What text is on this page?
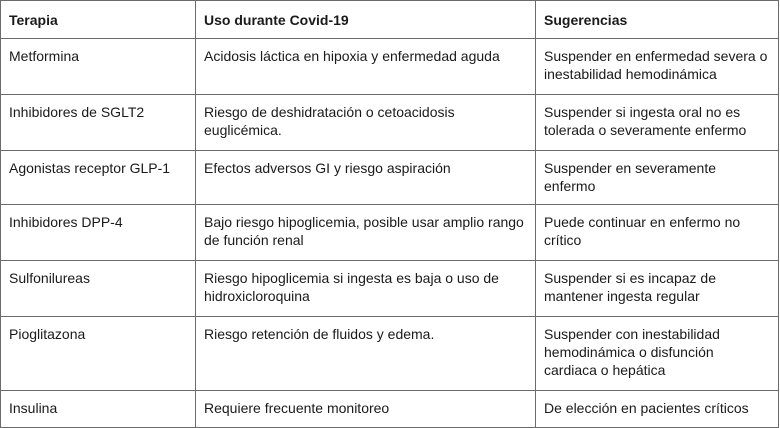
Terapia	Uso durante Covid-19	Sugerencias
Metformina	Acidosis láctica en hipoxia y enfermedad aguda	Suspender en enfermedad severa o inestabilidad hemodinámica
Inhibidores de SGLT2	Riesgo de deshidratación o cetoacidosis euglicémica.	Suspender si ingesta oral no es tolerada o severamente enfermo
Agonistas receptor GLP-1	Efectos adversos GI y riesgo aspiración	Suspender en severamente enfermo
Inhibidores DPP-4	Bajo riesgo hipoglicemia, posible usar amplio rango de función renal	Puede continuar en enfermo no crítico
Sulfonilureas	Riesgo hipoglicemia si ingesta es baja o uso de hidroxicloroquina	Suspender si es incapaz de mantener ingesta regular
Pioglitazona	Riesgo retención de fluidos y edema.	Suspender con inestabilidad hemodinámica o disfunción cardiaca o hepática
Insulina	Requiere frecuente monitoreo	De elección en pacientes críticos
